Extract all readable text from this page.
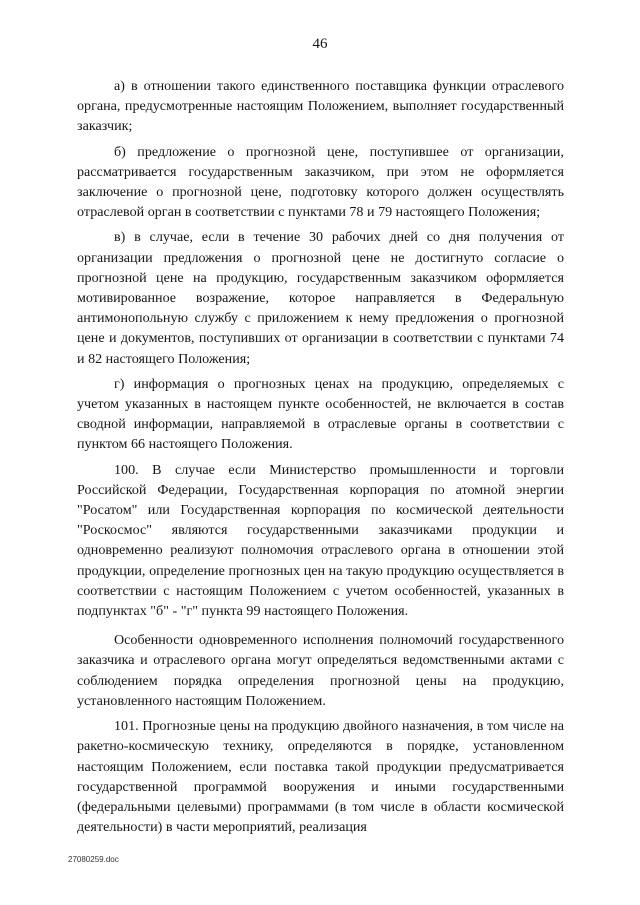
46

а) в отношении такого единственного поставщика функции отраслевого органа, предусмотренные настоящим Положением, выполняет государственный заказчик;

б) предложение о прогнозной цене, поступившее от организации, рассматривается государственным заказчиком, при этом не оформляется заключение о прогнозной цене, подготовку которого должен осуществлять отраслевой орган в соответствии с пунктами 78 и 79 настоящего Положения;

в) в случае, если в течение 30 рабочих дней со дня получения от организации предложения о прогнозной цене не достигнуто согласие о прогнозной цене на продукцию, государственным заказчиком оформляется мотивированное возражение, которое направляется в Федеральную антимонопольную службу с приложением к нему предложения о прогнозной цене и документов, поступивших от организации в соответствии с пунктами 74 и 82 настоящего Положения;

г) информация о прогнозных ценах на продукцию, определяемых с учетом указанных в настоящем пункте особенностей, не включается в состав сводной информации, направляемой в отраслевые органы в соответствии с пунктом 66 настоящего Положения.

100. В случае если Министерство промышленности и торговли Российской Федерации, Государственная корпорация по атомной энергии "Росатом" или Государственная корпорация по космической деятельности "Роскосмос" являются государственными заказчиками продукции и одновременно реализуют полномочия отраслевого органа в отношении этой продукции, определение прогнозных цен на такую продукцию осуществляется в соответствии с настоящим Положением с учетом особенностей, указанных в подпунктах "б" - "г" пункта 99 настоящего Положения.

Особенности одновременного исполнения полномочий государственного заказчика и отраслевого органа могут определяться ведомственными актами с соблюдением порядка определения прогнозной цены на продукцию, установленного настоящим Положением.

101. Прогнозные цены на продукцию двойного назначения, в том числе на ракетно-космическую технику, определяются в порядке, установленном настоящим Положением, если поставка такой продукции предусматривается государственной программой вооружения и иными государственными (федеральными целевыми) программами (в том числе в области космической деятельности) в части мероприятий, реализация

27080259.doc
